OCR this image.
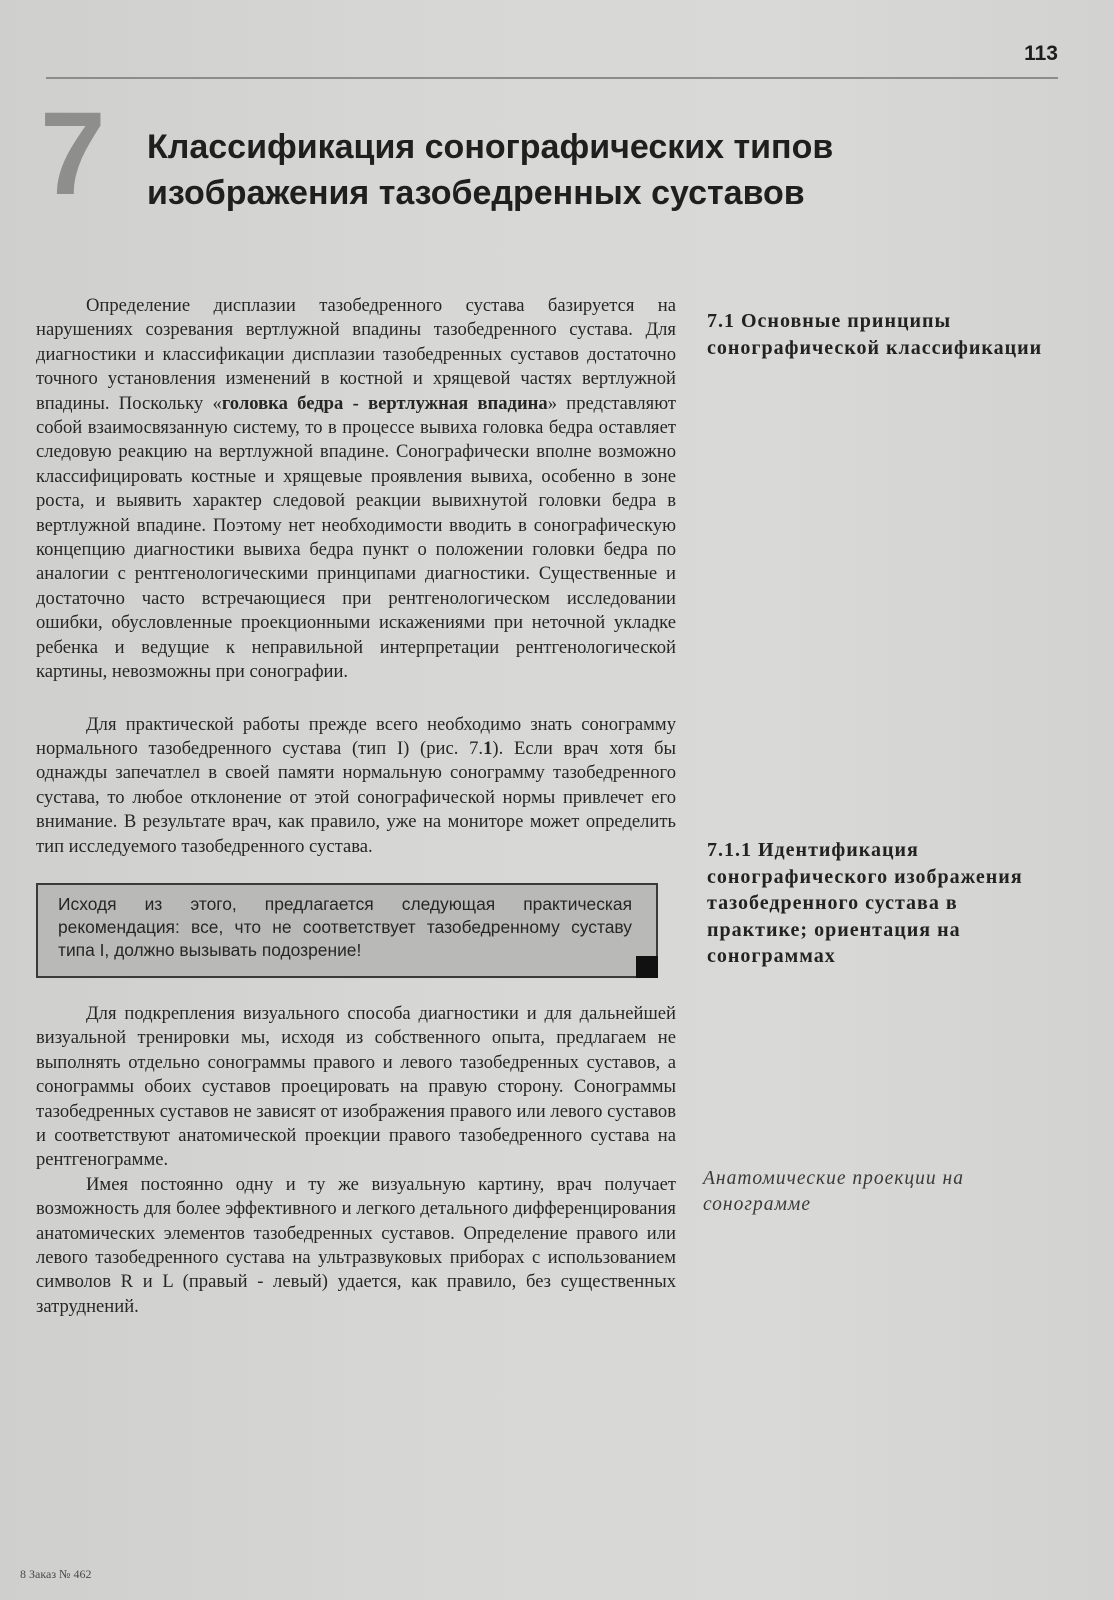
113
7 Классификация сонографических типов изображения тазобедренных суставов

Определение дисплазии тазобедренного сустава базируется на нарушениях созревания вертлужной впадины тазобедренного сустава. Для диагностики и классификации дисплазии тазобедренных суставов достаточно точного установления изменений в костной и хрящевой частях вертлужной впадины. Поскольку «головка бедра - вертлужная впадина» представляют собой взаимосвязанную систему, то в процессе вывиха головка бедра оставляет следовую реакцию на вертлужной впадине. Сонографически вполне возможно классифицировать костные и хрящевые проявления вывиха, особенно в зоне роста, и выявить характер следовой реакции вывихнутой головки бедра в вертлужной впадине. Поэтому нет необходимости вводить в сонографическую концепцию диагностики вывиха бедра пункт о положении головки бедра по аналогии с рентгенологическими принципами диагностики. Существенные и достаточно часто встречающиеся при рентгенологическом исследовании ошибки, обусловленные проекционными искажениями при неточной укладке ребенка и ведущие к неправильной интерпретации рентгенологической картины, невозможны при сонографии.

Для практической работы прежде всего необходимо знать сонограмму нормального тазобедренного сустава (тип I) (рис. 7.1). Если врач хотя бы однажды запечатлел в своей памяти нормальную сонограмму тазобедренного сустава, то любое отклонение от этой сонографической нормы привлечет его внимание. В результате врач, как правило, уже на мониторе может определить тип исследуемого тазобедренного сустава.

Исходя из этого, предлагается следующая практическая рекомендация: все, что не соответствует тазобедренному суставу типа I, должно вызывать подозрение!

Для подкрепления визуального способа диагностики и для дальнейшей визуальной тренировки мы, исходя из собственного опыта, предлагаем не выполнять отдельно сонограммы правого и левого тазобедренных суставов, а сонограммы обоих суставов проецировать на правую сторону. Сонограммы тазобедренных суставов не зависят от изображения правого или левого суставов и соответствуют анатомической проекции правого тазобедренного сустава на рентгенограмме.

Имея постоянно одну и ту же визуальную картину, врач получает возможность для более эффективного и легкого детального дифференцирования анатомических элементов тазобедренных суставов. Определение правого или левого тазобедренного сустава на ультразвуковых приборах с использованием символов R и L (правый - левый) удается, как правило, без существенных затруднений.

7.1 Основные принципы сонографической классификации
7.1.1 Идентификация сонографического изображения тазобедренного сустава в практике; ориентация на сонограммах
Анатомические проекции на сонограмме
8 Заказ № 462
